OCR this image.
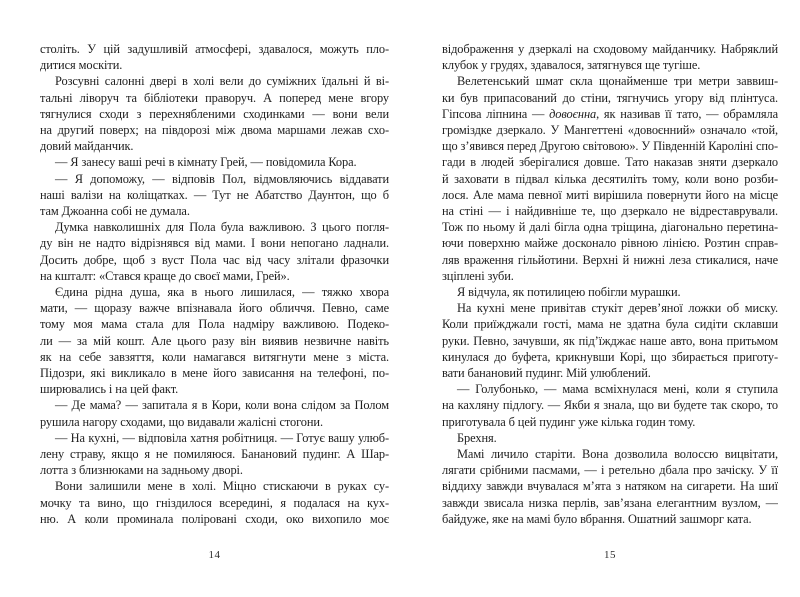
століть. У цій задушливій атмосфері, здавалося, можуть пло-
дитися москіти.
Розсувні салонні двері в холі вели до суміжних їдальні й ві-
тальні ліворуч та бібліотеки праворуч. А поперед мене вгору
тягнулися сходи з перехнябленими сходинками — вони вели
на другий поверх; на півдорозі між двома маршами лежав схо-
довий майданчик.
— Я занесу ваші речі в кімнату Грей, — повідомила Кора.
— Я допоможу, — відповів Пол, відмовляючись віддавати
наші валізи на коліщатках. — Тут не Абатство Даунтон, що б
там Джоанна собі не думала.
Думка навколишніх для Пола була важливою. З цього погля-
ду він не надто відрізнявся від мами. І вони непогано ладнали.
Досить добре, щоб з вуст Пола час від часу злітали фразочки
на кшталт: «Стався краще до своєї мами, Грей».
Єдина рідна душа, яка в нього лишилася, — тяжко хвора
мати, — щоразу важче впізнавала його обличчя. Певно, саме
тому моя мама стала для Пола надміру важливою. Подеко-
ли — за мій кошт. Але цього разу він виявив незвичне навіть
як на себе завзяття, коли намагався витягнути мене з міста.
Підозри, які викликало в мене його зависання на телефоні, по-
ширювались і на цей факт.
— Де мама? — запитала я в Кори, коли вона слідом за Полом
рушила нагору сходами, що видавали жалісні стогони.
— На кухні, — відповіла хатня робітниця. — Готує вашу улюб-
лену страву, якщо я не помиляюся. Банановий пудинг. А Шар-
лотта з близнюками на задньому дворі.
Вони залишили мене в холі. Міцно стискаючи в руках су-
мочку та вино, що гніздилося всередині, я подалася на кух-
ню. А коли проминала поліровані сходи, око вихопило моє
14
відображення у дзеркалі на сходовому майданчику. Набряклий
клубок у грудях, здавалося, затягнувся ще тугіше.
Велетенський шмат скла щонайменше три метри заввиш-
ки був припасований до стіни, тягнучись угору від плінтуса.
Гіпсова ліпнина — довоєнна, як називав її тато, — обрамляла
громіздке дзеркало. У Мангеттені «довоєнний» означало «той,
що з’явився перед Другою світовою». У Південній Кароліні спо-
гади в людей зберігалися довше. Тато наказав зняти дзеркало
й заховати в підвал кілька десятиліть тому, коли воно розби-
лося. Але мама певної миті вирішила повернути його на місце
на стіні — і найдивніше те, що дзеркало не відреставрували.
Тож по ньому й далі бігла одна тріщина, діагонально перетина-
ючи поверхню майже досконало рівною лінією. Розтин справ-
ляв враження гільйотини. Верхні й нижні леза стикалися, наче
зціплені зуби.
Я відчула, як потилицею побігли мурашки.
На кухні мене привітав стукіт дерев’яної ложки об миску.
Коли приїжджали гості, мама не здатна була сидіти склавши
руки. Певно, зачувши, як під’їжджає наше авто, вона притьмом
кинулася до буфета, крикнувши Корі, що збирається приготу-
вати банановий пудинг. Мій улюблений.
— Голубонько, — мама всміхнулася мені, коли я ступила
на кахляну підлогу. — Якби я знала, що ви будете так скоро, то
приготувала б цей пудинг уже кілька годин тому.
Брехня.
Мамі личило старіти. Вона дозволила волоссю вицвітати,
лягати срібними пасмами, — і ретельно дбала про зачіску. У її
віддиху завжди вчувалася м’ята з натяком на сигарети. На шиї
завжди звисала низка перлів, зав’язана елегантним вузлом, —
байдуже, яке на мамі було вбрання. Ошатний зашморг ката.
15
